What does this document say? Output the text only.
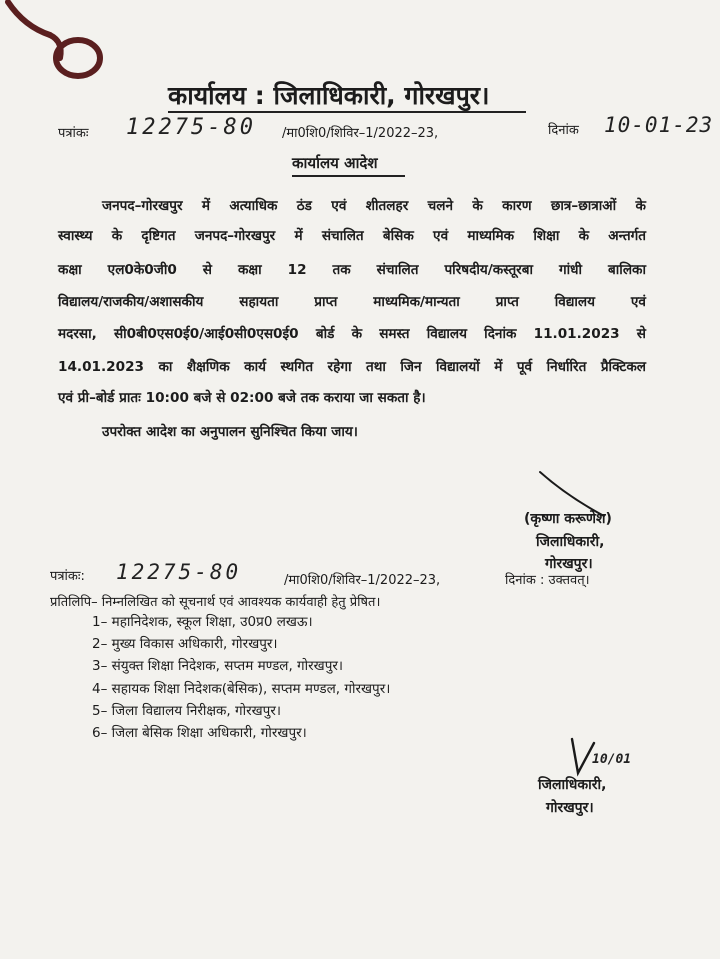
कार्यालय : जिलाधिकारी, गोरखपुर।
पत्रांकः 12275-80 /मा0शि0/शिविर–1/2022–23,	दिनांक 10-01-23
कार्यालय आदेश
जनपद–गोरखपुर में अत्याधिक ठंड एवं शीतलहर चलने के कारण छात्र–छात्राओं के
स्वास्थ्य के दृष्टिगत जनपद–गोरखपुर में संचालित बेसिक एवं माध्यमिक शिक्षा के अन्तर्गत
कक्षा एल0के0जी0 से कक्षा 12 तक संचालित परिषदीय/कस्तूरबा गांधी बालिका
विद्यालय/राजकीय/अशासकीय सहायता प्राप्त माध्यमिक/मान्यता प्राप्त विद्यालय एवं
मदरसा, सी0बी0एस0ई0/आई0सी0एस0ई0 बोर्ड के समस्त विद्यालय दिनांक 11.01.2023 से
14.01.2023 का शैक्षणिक कार्य स्थगित रहेगा तथा जिन विद्यालयों में पूर्व निर्धारित प्रैक्टिकल
एवं प्री–बोर्ड प्रातः 10:00 बजे से 02:00 बजे तक कराया जा सकता है।
उपरोक्त आदेश का अनुपालन सुनिश्चित किया जाय।
(कृष्णा करूणेश)
जिलाधिकारी,
गोरखपुर।
पत्रांकः: 12275-80	/मा0शि0/शिविर–1/2022–23,	दिनांक : उक्तवत्।
प्रतिलिपि– निम्नलिखित को सूचनार्थ एवं आवश्यक कार्यवाही हेतु प्रेषित।
1– महानिदेशक, स्कूल शिक्षा, उ0प्र0 लखऊ।
2– मुख्य विकास अधिकारी, गोरखपुर।
3– संयुक्त शिक्षा निदेशक, सप्तम मण्डल, गोरखपुर।
4– सहायक शिक्षा निदेशक(बेसिक), सप्तम मण्डल, गोरखपुर।
5– जिला विद्यालय निरीक्षक, गोरखपुर।
6– जिला बेसिक शिक्षा अधिकारी, गोरखपुर।
10/01
जिलाधिकारी,
गोरखपुर।
